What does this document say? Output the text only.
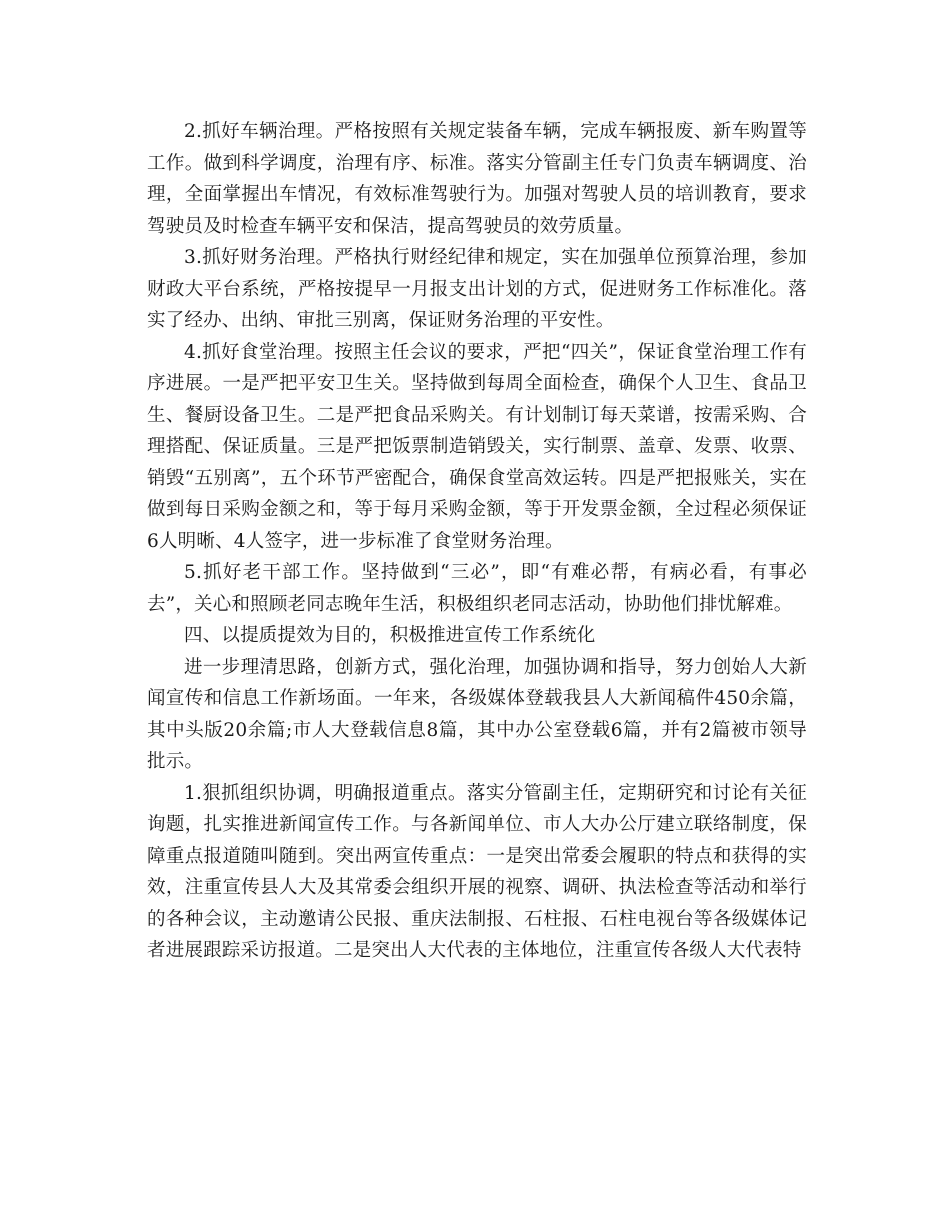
2.抓好车辆治理。严格按照有关规定装备车辆，完成车辆报废、新车购置等工作。做到科学调度，治理有序、标准。落实分管副主任专门负责车辆调度、治理，全面掌握出车情况，有效标准驾驶行为。加强对驾驶人员的培训教育，要求驾驶员及时检查车辆平安和保洁，提高驾驶员的效劳质量。

3.抓好财务治理。严格执行财经纪律和规定，实在加强单位预算治理，参加财政大平台系统，严格按提早一月报支出计划的方式，促进财务工作标准化。落实了经办、出纳、审批三别离，保证财务治理的平安性。

4.抓好食堂治理。按照主任会议的要求，严把“四关”，保证食堂治理工作有序进展。一是严把平安卫生关。坚持做到每周全面检查，确保个人卫生、食品卫生、餐厨设备卫生。二是严把食品采购关。有计划制订每天菜谱，按需采购、合理搭配、保证质量。三是严把饭票制造销毁关，实行制票、盖章、发票、收票、销毁“五别离”，五个环节严密配合，确保食堂高效运转。四是严把报账关，实在做到每日采购金额之和，等于每月采购金额，等于开发票金额，全过程必须保证6人明晰、4人签字，进一步标准了食堂财务治理。

5.抓好老干部工作。坚持做到“三必”，即“有难必帮，有病必看，有事必去”，关心和照顾老同志晚年生活，积极组织老同志活动，协助他们排忧解难。

四、以提质提效为目的，积极推进宣传工作系统化

进一步理清思路，创新方式，强化治理，加强协调和指导，努力创始人大新闻宣传和信息工作新场面。一年来，各级媒体登载我县人大新闻稿件450余篇，其中头版20余篇;市人大登载信息8篇，其中办公室登载6篇，并有2篇被市领导批示。

1.狠抓组织协调，明确报道重点。落实分管副主任，定期研究和讨论有关征询题，扎实推进新闻宣传工作。与各新闻单位、市人大办公厅建立联络制度，保障重点报道随叫随到。突出两宣传重点：一是突出常委会履职的特点和获得的实效，注重宣传县人大及其常委会组织开展的视察、调研、执法检查等活动和举行的各种会议，主动邀请公民报、重庆法制报、石柱报、石柱电视台等各级媒体记者进展跟踪采访报道。二是突出人大代表的主体地位，注重宣传各级人大代表特
